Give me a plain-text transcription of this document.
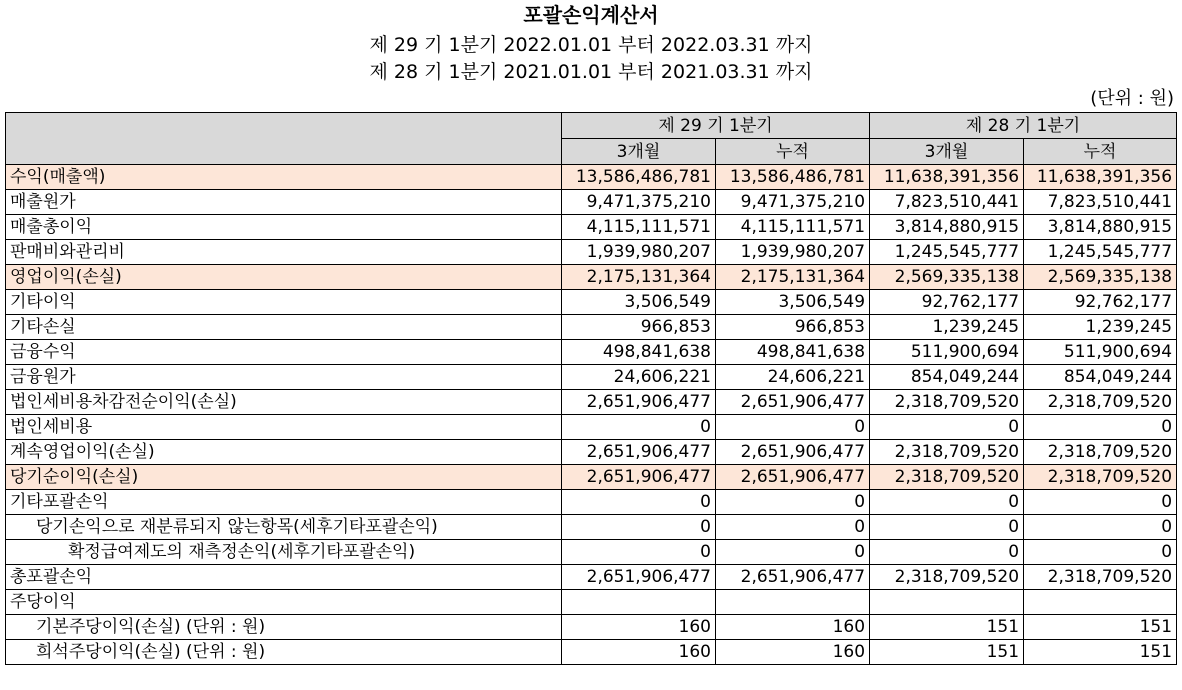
포괄손익계산서
제 29 기 1분기 2022.01.01 부터 2022.03.31 까지
제 28 기 1분기 2021.01.01 부터 2021.03.31 까지
(단위 : 원)
	제 29 기 1분기		제 28 기 1분기	
	3개월	누적	3개월	누적
수익(매출액)	13,586,486,781	13,586,486,781	11,638,391,356	11,638,391,356
매출원가	9,471,375,210	9,471,375,210	7,823,510,441	7,823,510,441
매출총이익	4,115,111,571	4,115,111,571	3,814,880,915	3,814,880,915
판매비와관리비	1,939,980,207	1,939,980,207	1,245,545,777	1,245,545,777
영업이익(손실)	2,175,131,364	2,175,131,364	2,569,335,138	2,569,335,138
기타이익	3,506,549	3,506,549	92,762,177	92,762,177
기타손실	966,853	966,853	1,239,245	1,239,245
금융수익	498,841,638	498,841,638	511,900,694	511,900,694
금융원가	24,606,221	24,606,221	854,049,244	854,049,244
법인세비용차감전순이익(손실)	2,651,906,477	2,651,906,477	2,318,709,520	2,318,709,520
법인세비용	0	0	0	0
계속영업이익(손실)	2,651,906,477	2,651,906,477	2,318,709,520	2,318,709,520
당기순이익(손실)	2,651,906,477	2,651,906,477	2,318,709,520	2,318,709,520
기타포괄손익	0	0	0	0
당기손익으로 재분류되지 않는항목(세후기타포괄손익)	0	0	0	0
확정급여제도의 재측정손익(세후기타포괄손익)	0	0	0	0
총포괄손익	2,651,906,477	2,651,906,477	2,318,709,520	2,318,709,520
주당이익				
기본주당이익(손실) (단위 : 원)	160	160	151	151
희석주당이익(손실) (단위 : 원)	160	160	151	151
